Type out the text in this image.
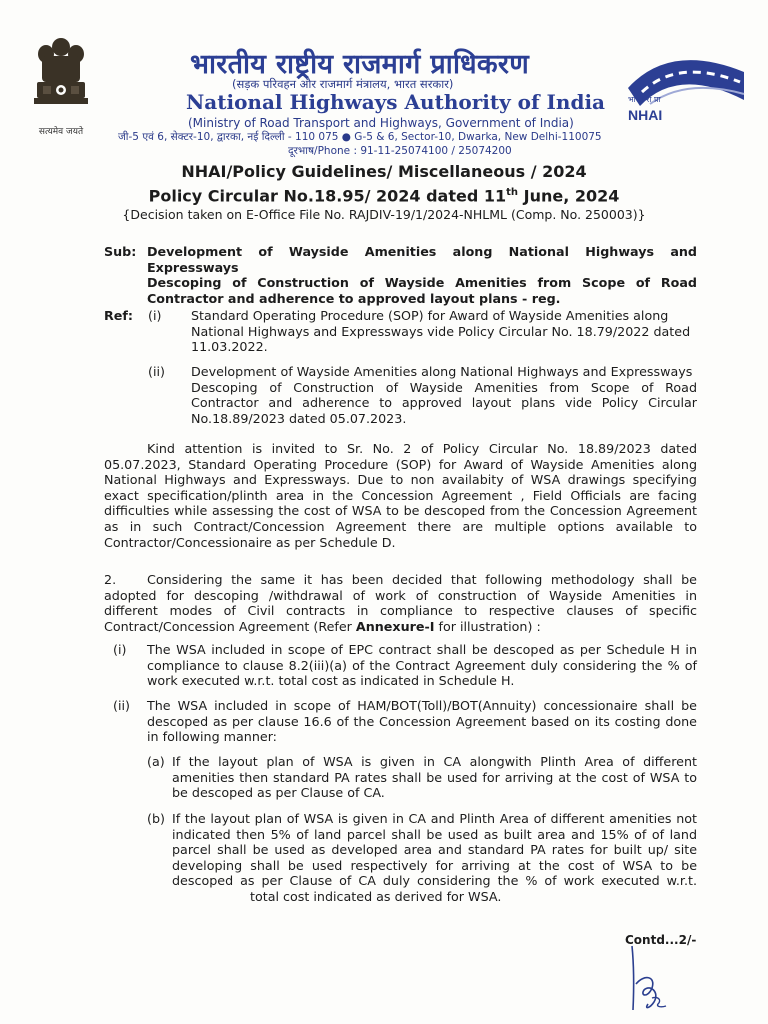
सत्यमेव जयते
भारतीय राष्ट्रीय राजमार्ग प्राधिकरण
(सड़क परिवहन और राजमार्ग मंत्रालय, भारत सरकार)
National Highways Authority of India
(Ministry of Road Transport and Highways, Government of India)
जी-5 एवं 6, सेक्टर-10, द्वारका, नई दिल्ली - 110 075 ● G-5 & 6, Sector-10, Dwarka, New Delhi-110075
दूरभाष/Phone : 91-11-25074100 / 25074200
भा रा रा प्रा
NHAI
NHAI/Policy Guidelines/ Miscellaneous / 2024
Policy Circular No.18.95/ 2024 dated 11th June, 2024
{Decision taken on E-Office File No. RAJDIV-19/1/2024-NHLML (Comp. No. 250003)}
Sub: Development of Wayside Amenities along National Highways and Expressways
Descoping of Construction of Wayside Amenities from Scope of Road
Contractor and adherence to approved layout plans - reg.
Ref: (i) Standard Operating Procedure (SOP) for Award of Wayside Amenities along
National Highways and Expressways vide Policy Circular No. 18.79/2022 dated
11.03.2022.
(ii) Development of Wayside Amenities along National Highways and Expressways
Descoping of Construction of Wayside Amenities from Scope of Road
Contractor and adherence to approved layout plans vide Policy Circular
No.18.89/2023 dated 05.07.2023.
Kind attention is invited to Sr. No. 2 of Policy Circular No. 18.89/2023 dated
05.07.2023, Standard Operating Procedure (SOP) for Award of Wayside Amenities along
National Highways and Expressways. Due to non availabity of WSA drawings specifying
exact specification/plinth area in the Concession Agreement , Field Officials are facing
difficulties while assessing the cost of WSA to be descoped from the Concession Agreement
as in such Contract/Concession Agreement there are multiple options available to
Contractor/Concessionaire as per Schedule D.
2.	Considering the same it has been decided that following methodology shall be
adopted for descoping /withdrawal of work of construction of Wayside Amenities in
different modes of Civil contracts in compliance to respective clauses of specific
Contract/Concession Agreement (Refer Annexure-I for illustration) :
(i) The WSA included in scope of EPC contract shall be descoped as per Schedule H in
compliance to clause 8.2(iii)(a) of the Contract Agreement duly considering the % of
work executed w.r.t. total cost as indicated in Schedule H.
(ii) The WSA included in scope of HAM/BOT(Toll)/BOT(Annuity) concessionaire shall be
descoped as per clause 16.6 of the Concession Agreement based on its costing done
in following manner:
(a) If the layout plan of WSA is given in CA alongwith Plinth Area of different
amenities then standard PA rates shall be used for arriving at the cost of WSA to
be descoped as per Clause of CA.
(b) If the layout plan of WSA is given in CA and Plinth Area of different amenities not
indicated then 5% of land parcel shall be used as built area and 15% of of land
parcel shall be used as developed area and standard PA rates for built up/ site
developing shall be used respectively for arriving at the cost of WSA to be
descoped as per Clause of CA duly considering the % of work executed w.r.t.
total cost indicated as derived for WSA.
Contd...2/-
